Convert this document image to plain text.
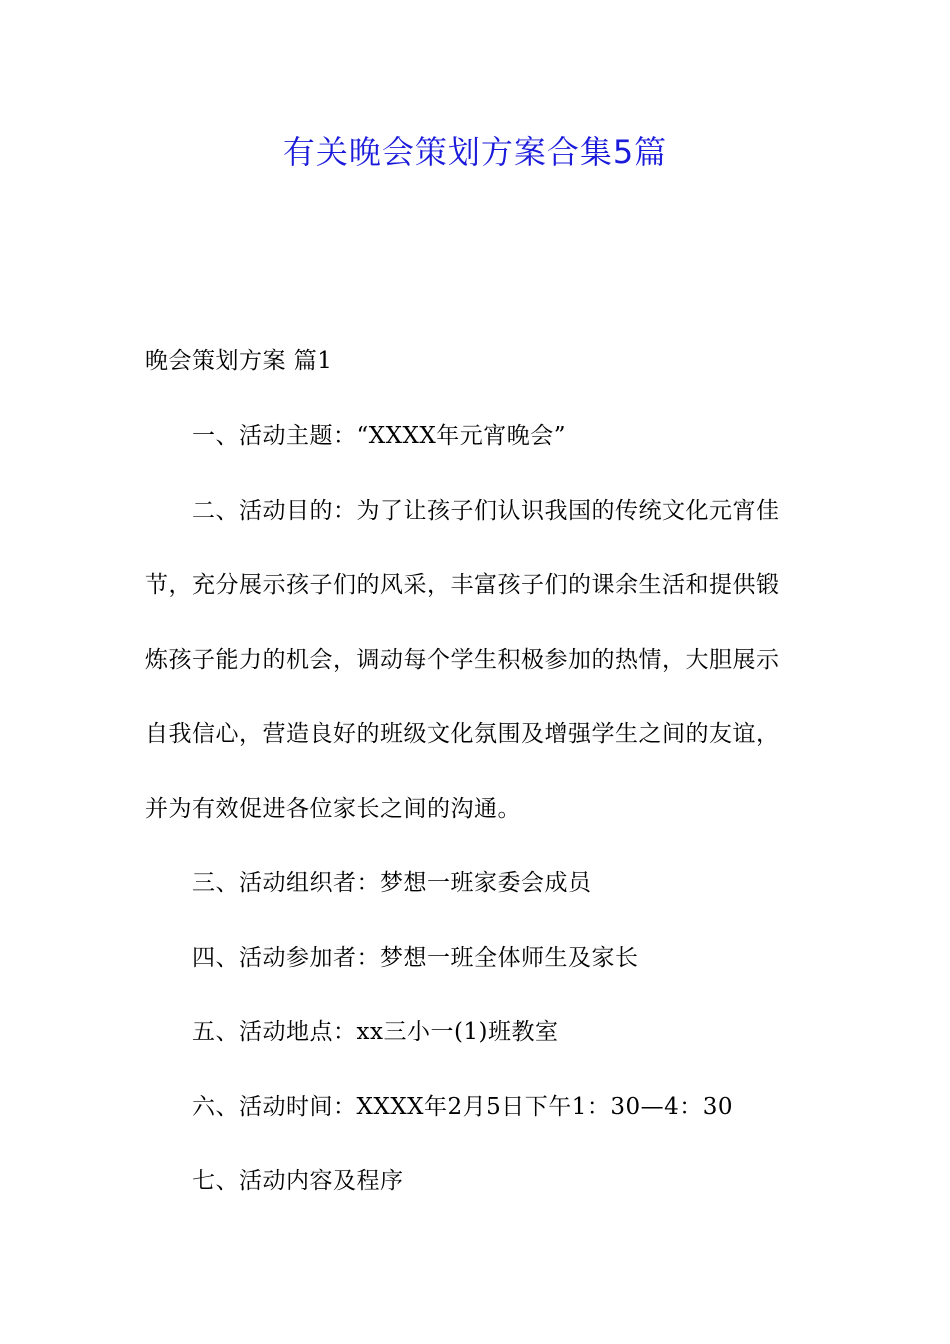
有关晚会策划方案合集5篇
晚会策划方案 篇1
一、活动主题：“XXXX年元宵晚会”
二、活动目的：为了让孩子们认识我国的传统文化元宵佳
节，充分展示孩子们的风采，丰富孩子们的课余生活和提供锻
炼孩子能力的机会，调动每个学生积极参加的热情，大胆展示
自我信心，营造良好的班级文化氛围及增强学生之间的友谊，
并为有效促进各位家长之间的沟通。
三、活动组织者：梦想一班家委会成员
四、活动参加者：梦想一班全体师生及家长
五、活动地点：xx三小一(1)班教室
六、活动时间：XXXX年2月5日下午1：30—4：30
七、活动内容及程序
